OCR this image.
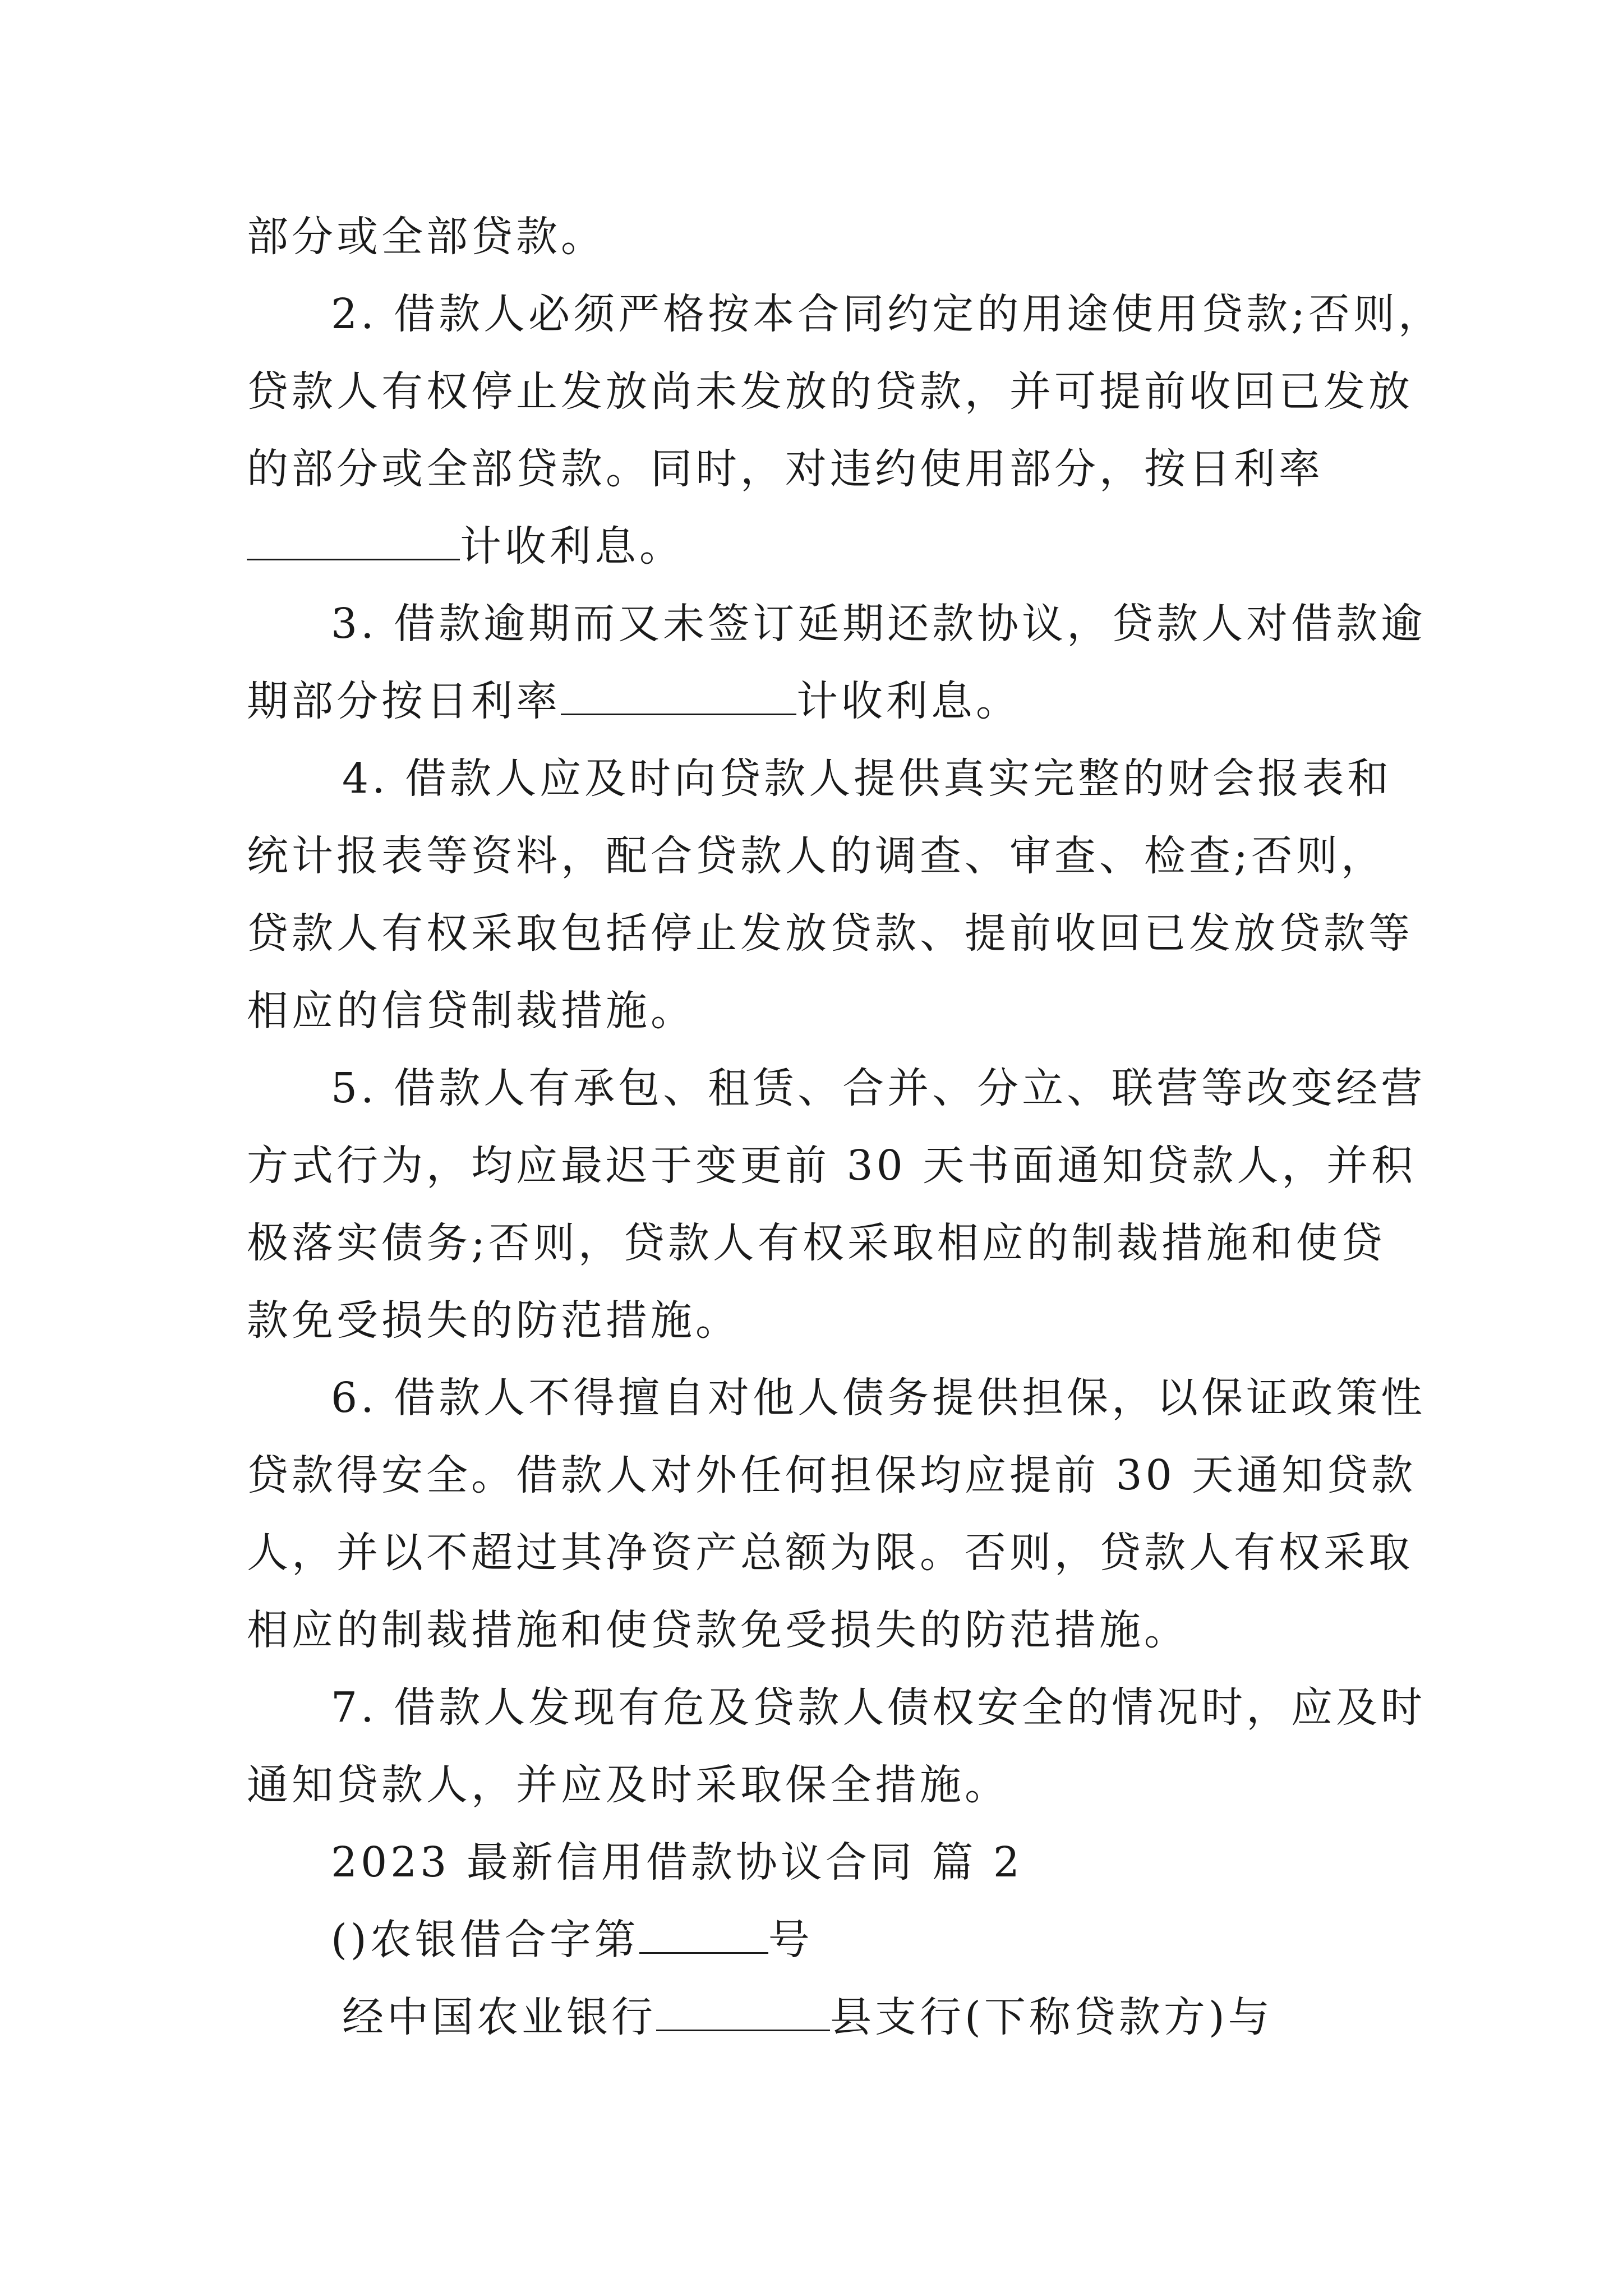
部分或全部贷款。
2. 借款人必须严格按本合同约定的用途使用贷款;否则，
贷款人有权停止发放尚未发放的贷款，并可提前收回已发放
的部分或全部贷款。同时，对违约使用部分，按日利率
计收利息。
3. 借款逾期而又未签订延期还款协议，贷款人对借款逾
期部分按日利率	计收利息。
4. 借款人应及时向贷款人提供真实完整的财会报表和
统计报表等资料，配合贷款人的调查、审查、检查;否则，
贷款人有权采取包括停止发放贷款、提前收回已发放贷款等
相应的信贷制裁措施。
5. 借款人有承包、租赁、合并、分立、联营等改变经营
方式行为，均应最迟于变更前 30 天书面通知贷款人，并积
极落实债务;否则，贷款人有权采取相应的制裁措施和使贷
款免受损失的防范措施。
6. 借款人不得擅自对他人债务提供担保，以保证政策性
贷款得安全。借款人对外任何担保均应提前 30 天通知贷款
人，并以不超过其净资产总额为限。否则，贷款人有权采取
相应的制裁措施和使贷款免受损失的防范措施。
7. 借款人发现有危及贷款人债权安全的情况时，应及时
通知贷款人，并应及时采取保全措施。
2023 最新信用借款协议合同 篇 2
()农银借合字第	号
经中国农业银行	县支行(下称贷款方)与
